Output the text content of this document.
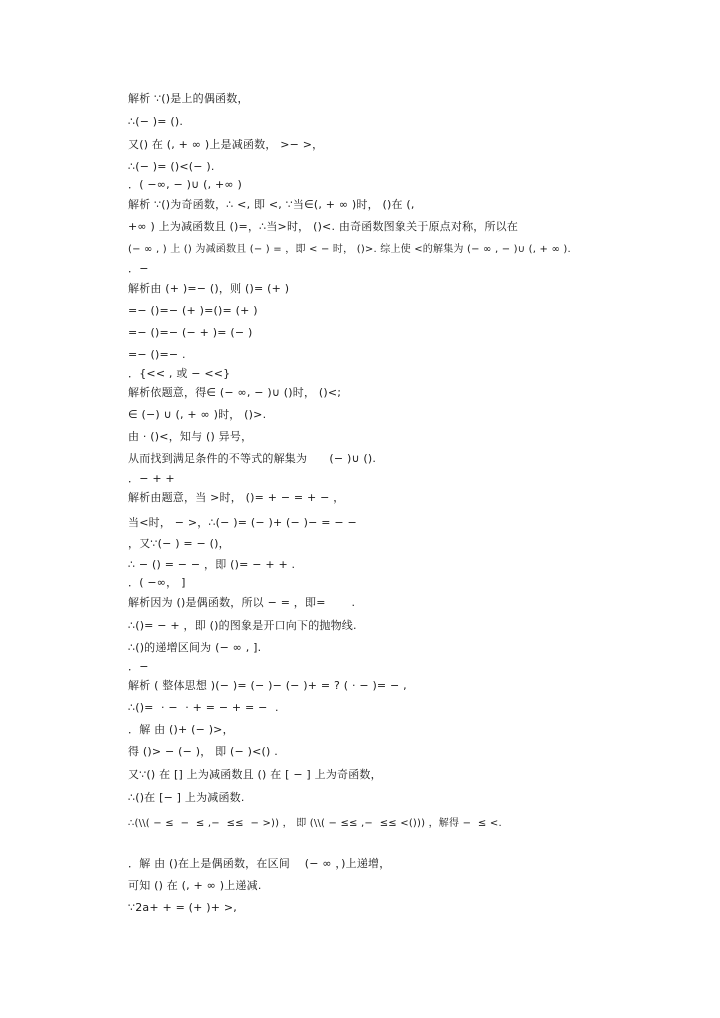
解析 ∵()是上的偶函数，
∴(− )= ().
又() 在 (, + ∞ )上是减函数， >− >，
∴(− )= ()<(− ).
．( −∞, − )∪ (, +∞ )
解析 ∵()为奇函数，∴ <, 即 <, ∵当∈(, + ∞ )时， ()在 (,
+∞ ) 上为减函数且 ()=，∴当>时， ()<. 由奇函数图象关于原点对称，所以在
(− ∞ , ) 上 () 为减函数且 (− ) = ，即 < − 时， ()>. 综上使 <的解集为 (− ∞ , − )∪ (, + ∞ ).
．−
解析由 (+ )=− ()，则 ()= (+ )
=− ()=− (+ )=()= (+ )
=− ()=− (− + )= (− )
=− ()=− .
．{<< , 或 − <<}
解析依题意，得∈ (− ∞, − )∪ ()时， ()<;
∈ (−) ∪ (, + ∞ )时， ()>.
由 · ()<，知与 () 异号，
从而找到满足条件的不等式的解集为      (− )∪ ().
．− + +
解析由题意，当 >时， ()= + − = + − ，
当<时， − >，∴(− )= (− )+ (− )− = − −
，又∵(− ) = − ()，
∴ − () = − − ，即 ()= − + + .
．( −∞， ]
解析因为 ()是偶函数，所以 − = ，即=       .
∴()= − + ，即 ()的图象是开口向下的抛物线.
∴()的递增区间为 (− ∞ , ].
．−
解析 ( 整体思想 )(− )= (− )− (− )+ = ? ( · − )= − ,
∴()=  · −  · + = − + = −  .
．解 由 ()+ (− )>，
得 ()> − (− )， 即 (− )<() .
又∵() 在 [] 上为减函数且 () 在 [ − ] 上为奇函数，
∴()在 [− ] 上为减函数.
∴(\\( − ≤  −  ≤ ,−  ≤≤  − >)) ， 即 (\\( − ≤≤ ,−  ≤≤ <())) ，解得 −  ≤ <.
．解 由 ()在上是偶函数，在区间    (− ∞ ，)上递增，
可知 () 在 (, + ∞ )上递减.
∵2a+ + = (+ )+ >,
